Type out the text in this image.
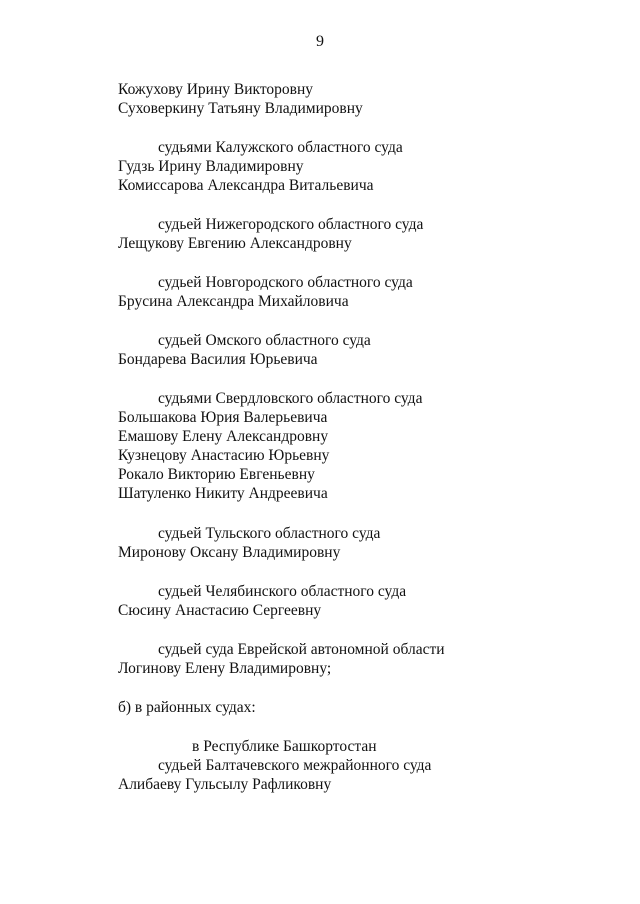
9
Кожухову Ирину Викторовну
Суховеркину Татьяну Владимировну
судьями Калужского областного суда
Гудзь Ирину Владимировну
Комиссарова Александра Витальевича
судьей Нижегородского областного суда
Лещукову Евгению Александровну
судьей Новгородского областного суда
Брусина Александра Михайловича
судьей Омского областного суда
Бондарева Василия Юрьевича
судьями Свердловского областного суда
Большакова Юрия Валерьевича
Емашову Елену Александровну
Кузнецову Анастасию Юрьевну
Рокало Викторию Евгеньевну
Шатуленко Никиту Андреевича
судьей Тульского областного суда
Миронову Оксану Владимировну
судьей Челябинского областного суда
Сюсину Анастасию Сергеевну
судьей суда Еврейской автономной области
Логинову Елену Владимировну;
б) в районных судах:
в Республике Башкортостан
судьей Балтачевского межрайонного суда
Алибаеву Гульсылу Рафликовну
